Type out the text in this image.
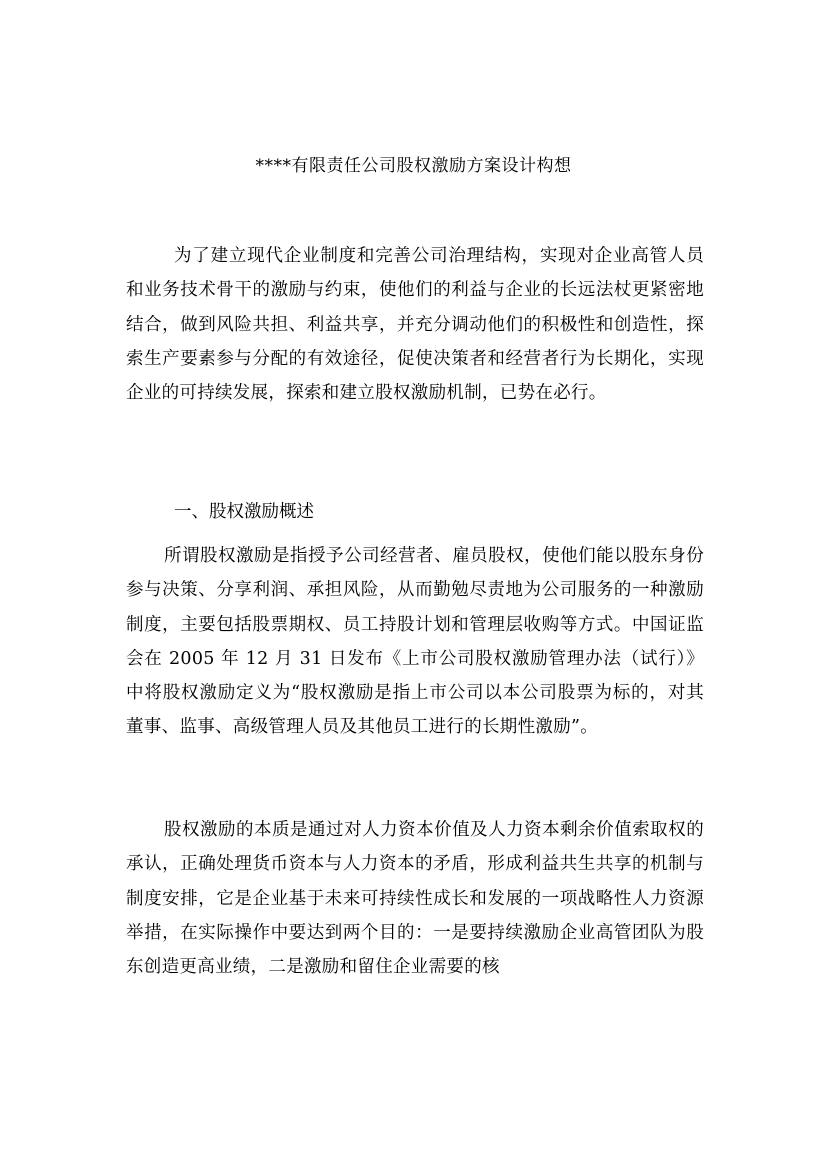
****有限责任公司股权激励方案设计构想
为了建立现代企业制度和完善公司治理结构，实现对企业高管人员和业务技术骨干的激励与约束，使他们的利益与企业的长远法杖更紧密地结合，做到风险共担、利益共享，并充分调动他们的积极性和创造性，探索生产要素参与分配的有效途径，促使决策者和经营者行为长期化，实现企业的可持续发展，探索和建立股权激励机制，已势在必行。
一、股权激励概述
所谓股权激励是指授予公司经营者、雇员股权，使他们能以股东身份参与决策、分享利润、承担风险，从而勤勉尽责地为公司服务的一种激励制度，主要包括股票期权、员工持股计划和管理层收购等方式。中国证监会在 2005 年 12 月 31 日发布《上市公司股权激励管理办法（试行）》中将股权激励定义为“股权激励是指上市公司以本公司股票为标的，对其董事、监事、高级管理人员及其他员工进行的长期性激励”。
股权激励的本质是通过对人力资本价值及人力资本剩余价值索取权的承认，正确处理货币资本与人力资本的矛盾，形成利益共生共享的机制与制度安排，它是企业基于未来可持续性成长和发展的一项战略性人力资源举措，在实际操作中要达到两个目的：一是要持续激励企业高管团队为股东创造更高业绩，二是激励和留住企业需要的核
